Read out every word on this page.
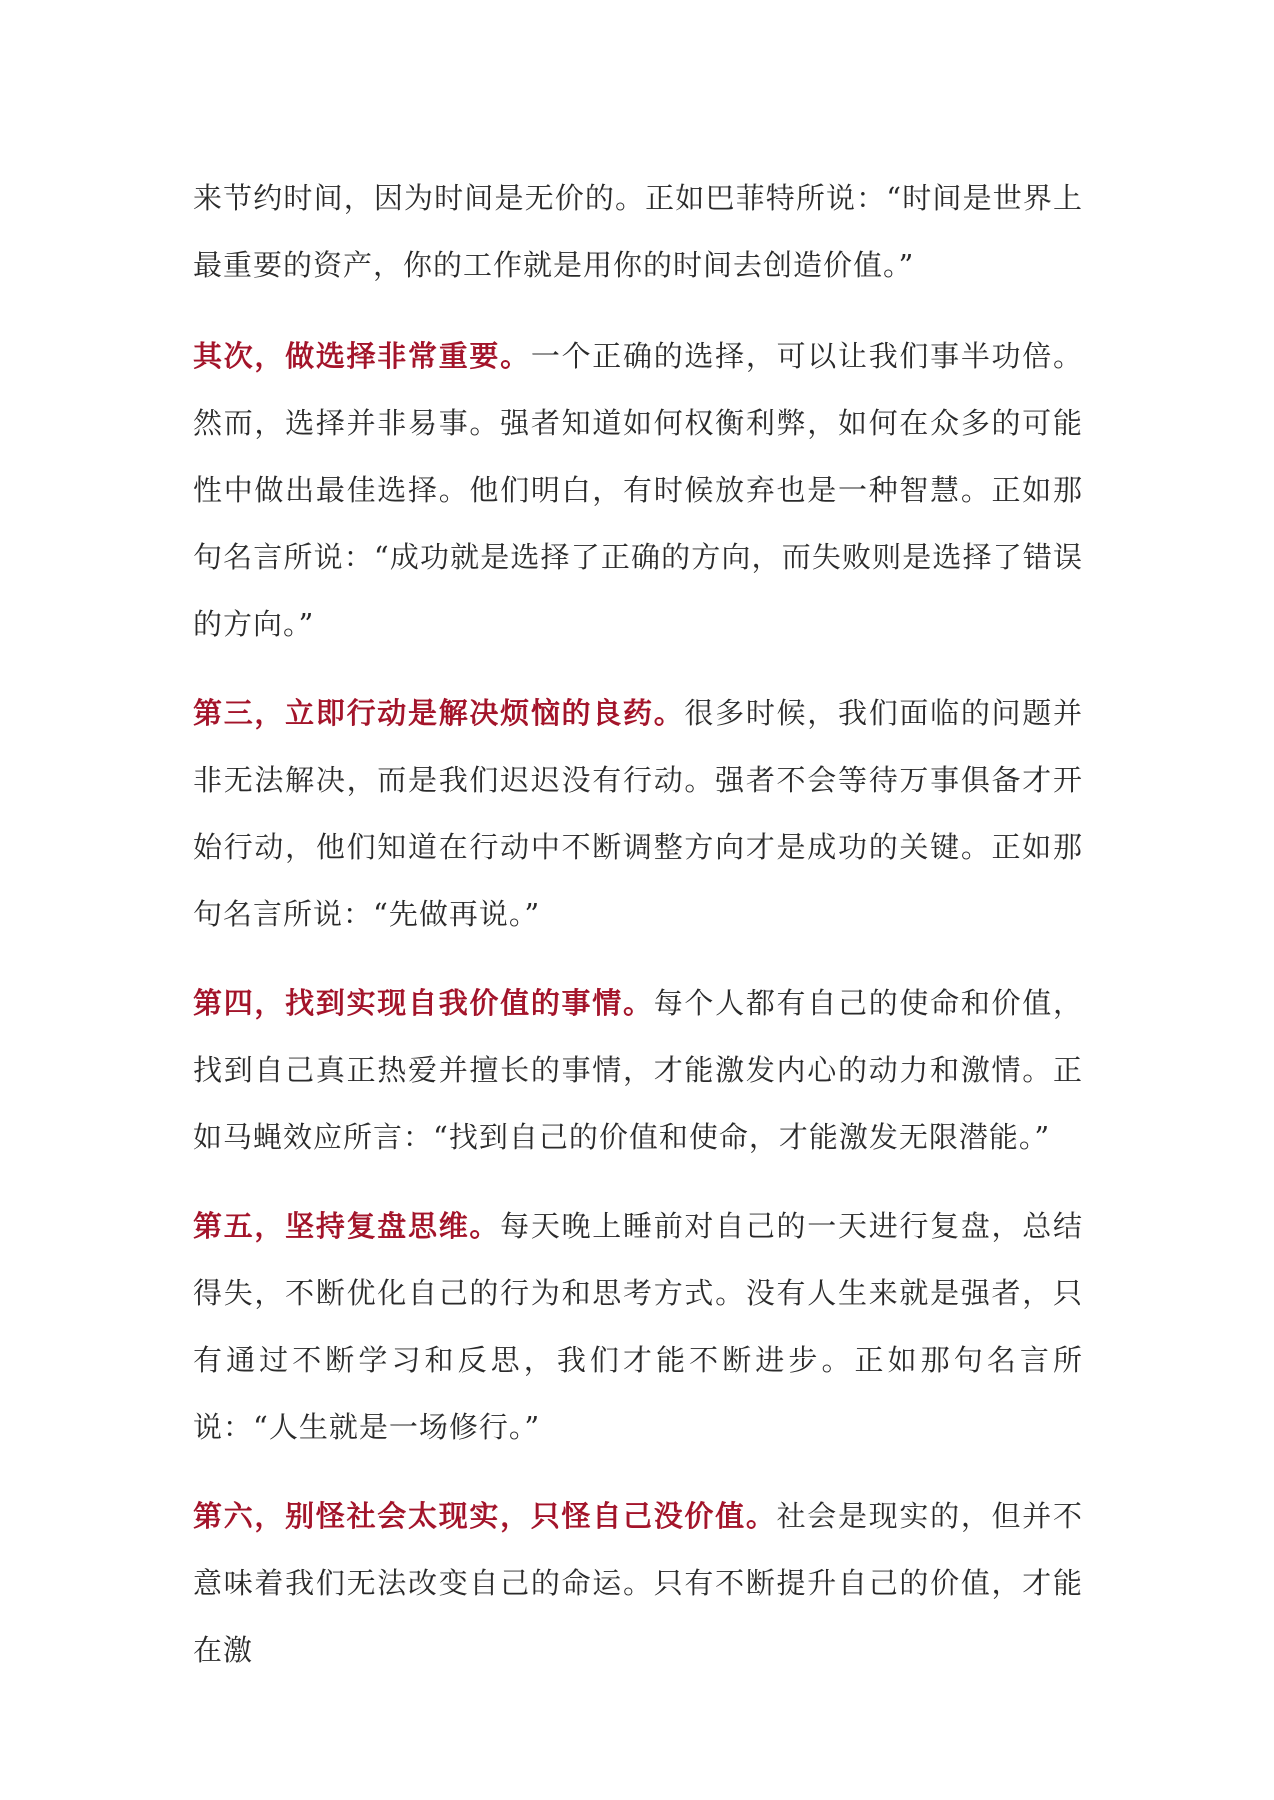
来节约时间，因为时间是无价的。正如巴菲特所说：“时间是世界上最重要的资产，你的工作就是用你的时间去创造价值。”

其次，做选择非常重要。一个正确的选择，可以让我们事半功倍。然而，选择并非易事。强者知道如何权衡利弊，如何在众多的可能性中做出最佳选择。他们明白，有时候放弃也是一种智慧。正如那句名言所说：“成功就是选择了正确的方向，而失败则是选择了错误的方向。”

第三，立即行动是解决烦恼的良药。很多时候，我们面临的问题并非无法解决，而是我们迟迟没有行动。强者不会等待万事俱备才开始行动，他们知道在行动中不断调整方向才是成功的关键。正如那句名言所说：“先做再说。”

第四，找到实现自我价值的事情。每个人都有自己的使命和价值，找到自己真正热爱并擅长的事情，才能激发内心的动力和激情。正如马蝇效应所言：“找到自己的价值和使命，才能激发无限潜能。”

第五，坚持复盘思维。每天晚上睡前对自己的一天进行复盘，总结得失，不断优化自己的行为和思考方式。没有人生来就是强者，只有通过不断学习和反思，我们才能不断进步。正如那句名言所说：“人生就是一场修行。”

第六，别怪社会太现实，只怪自己没价值。社会是现实的，但并不意味着我们无法改变自己的命运。只有不断提升自己的价值，才能在激
